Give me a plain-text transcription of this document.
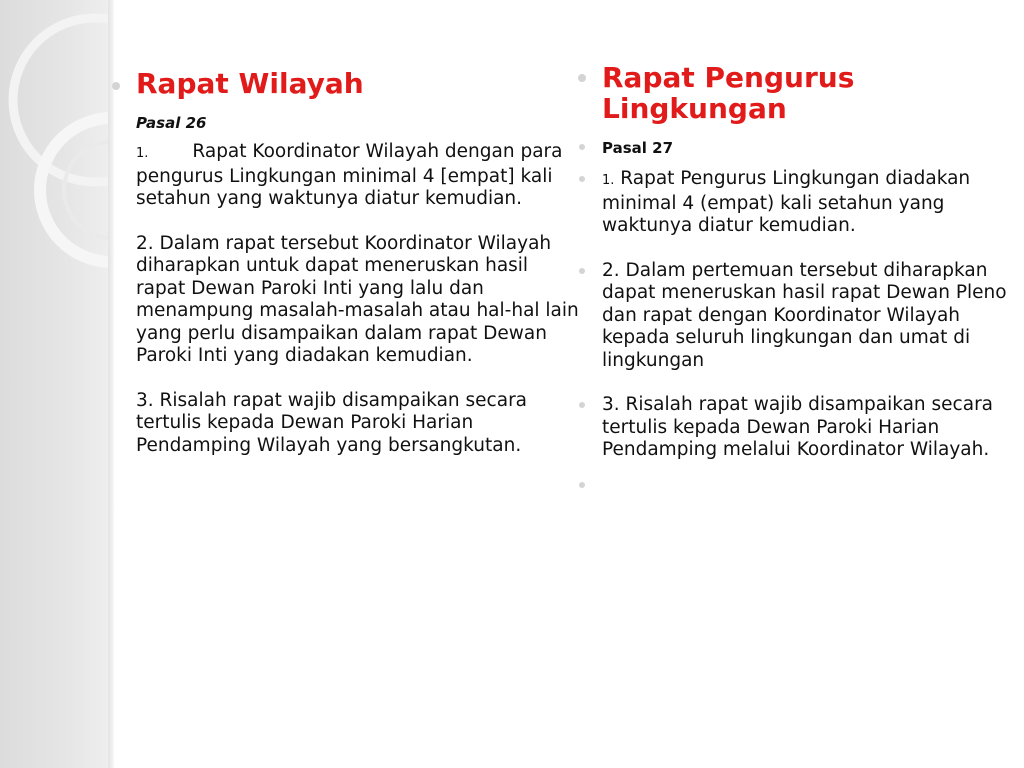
Rapat Wilayah
Pasal 26
1. Rapat Koordinator Wilayah dengan para pengurus Lingkungan minimal 4 [empat] kali setahun yang waktunya diatur kemudian.
2. Dalam rapat tersebut Koordinator Wilayah diharapkan untuk dapat meneruskan hasil rapat Dewan Paroki Inti yang lalu dan menampung masalah-masalah atau hal-hal lain yang perlu disampaikan dalam rapat Dewan Paroki Inti yang diadakan kemudian.
3. Risalah rapat wajib disampaikan secara tertulis kepada Dewan Paroki Harian Pendamping Wilayah yang bersangkutan.
Rapat Pengurus Lingkungan
Pasal 27
1. Rapat Pengurus Lingkungan diadakan minimal 4 (empat) kali setahun yang waktunya diatur kemudian.
2. Dalam pertemuan tersebut diharapkan dapat meneruskan hasil rapat Dewan Pleno dan rapat dengan Koordinator Wilayah kepada seluruh lingkungan dan umat di lingkungan
3. Risalah rapat wajib disampaikan secara tertulis kepada Dewan Paroki Harian Pendamping melalui Koordinator Wilayah.
